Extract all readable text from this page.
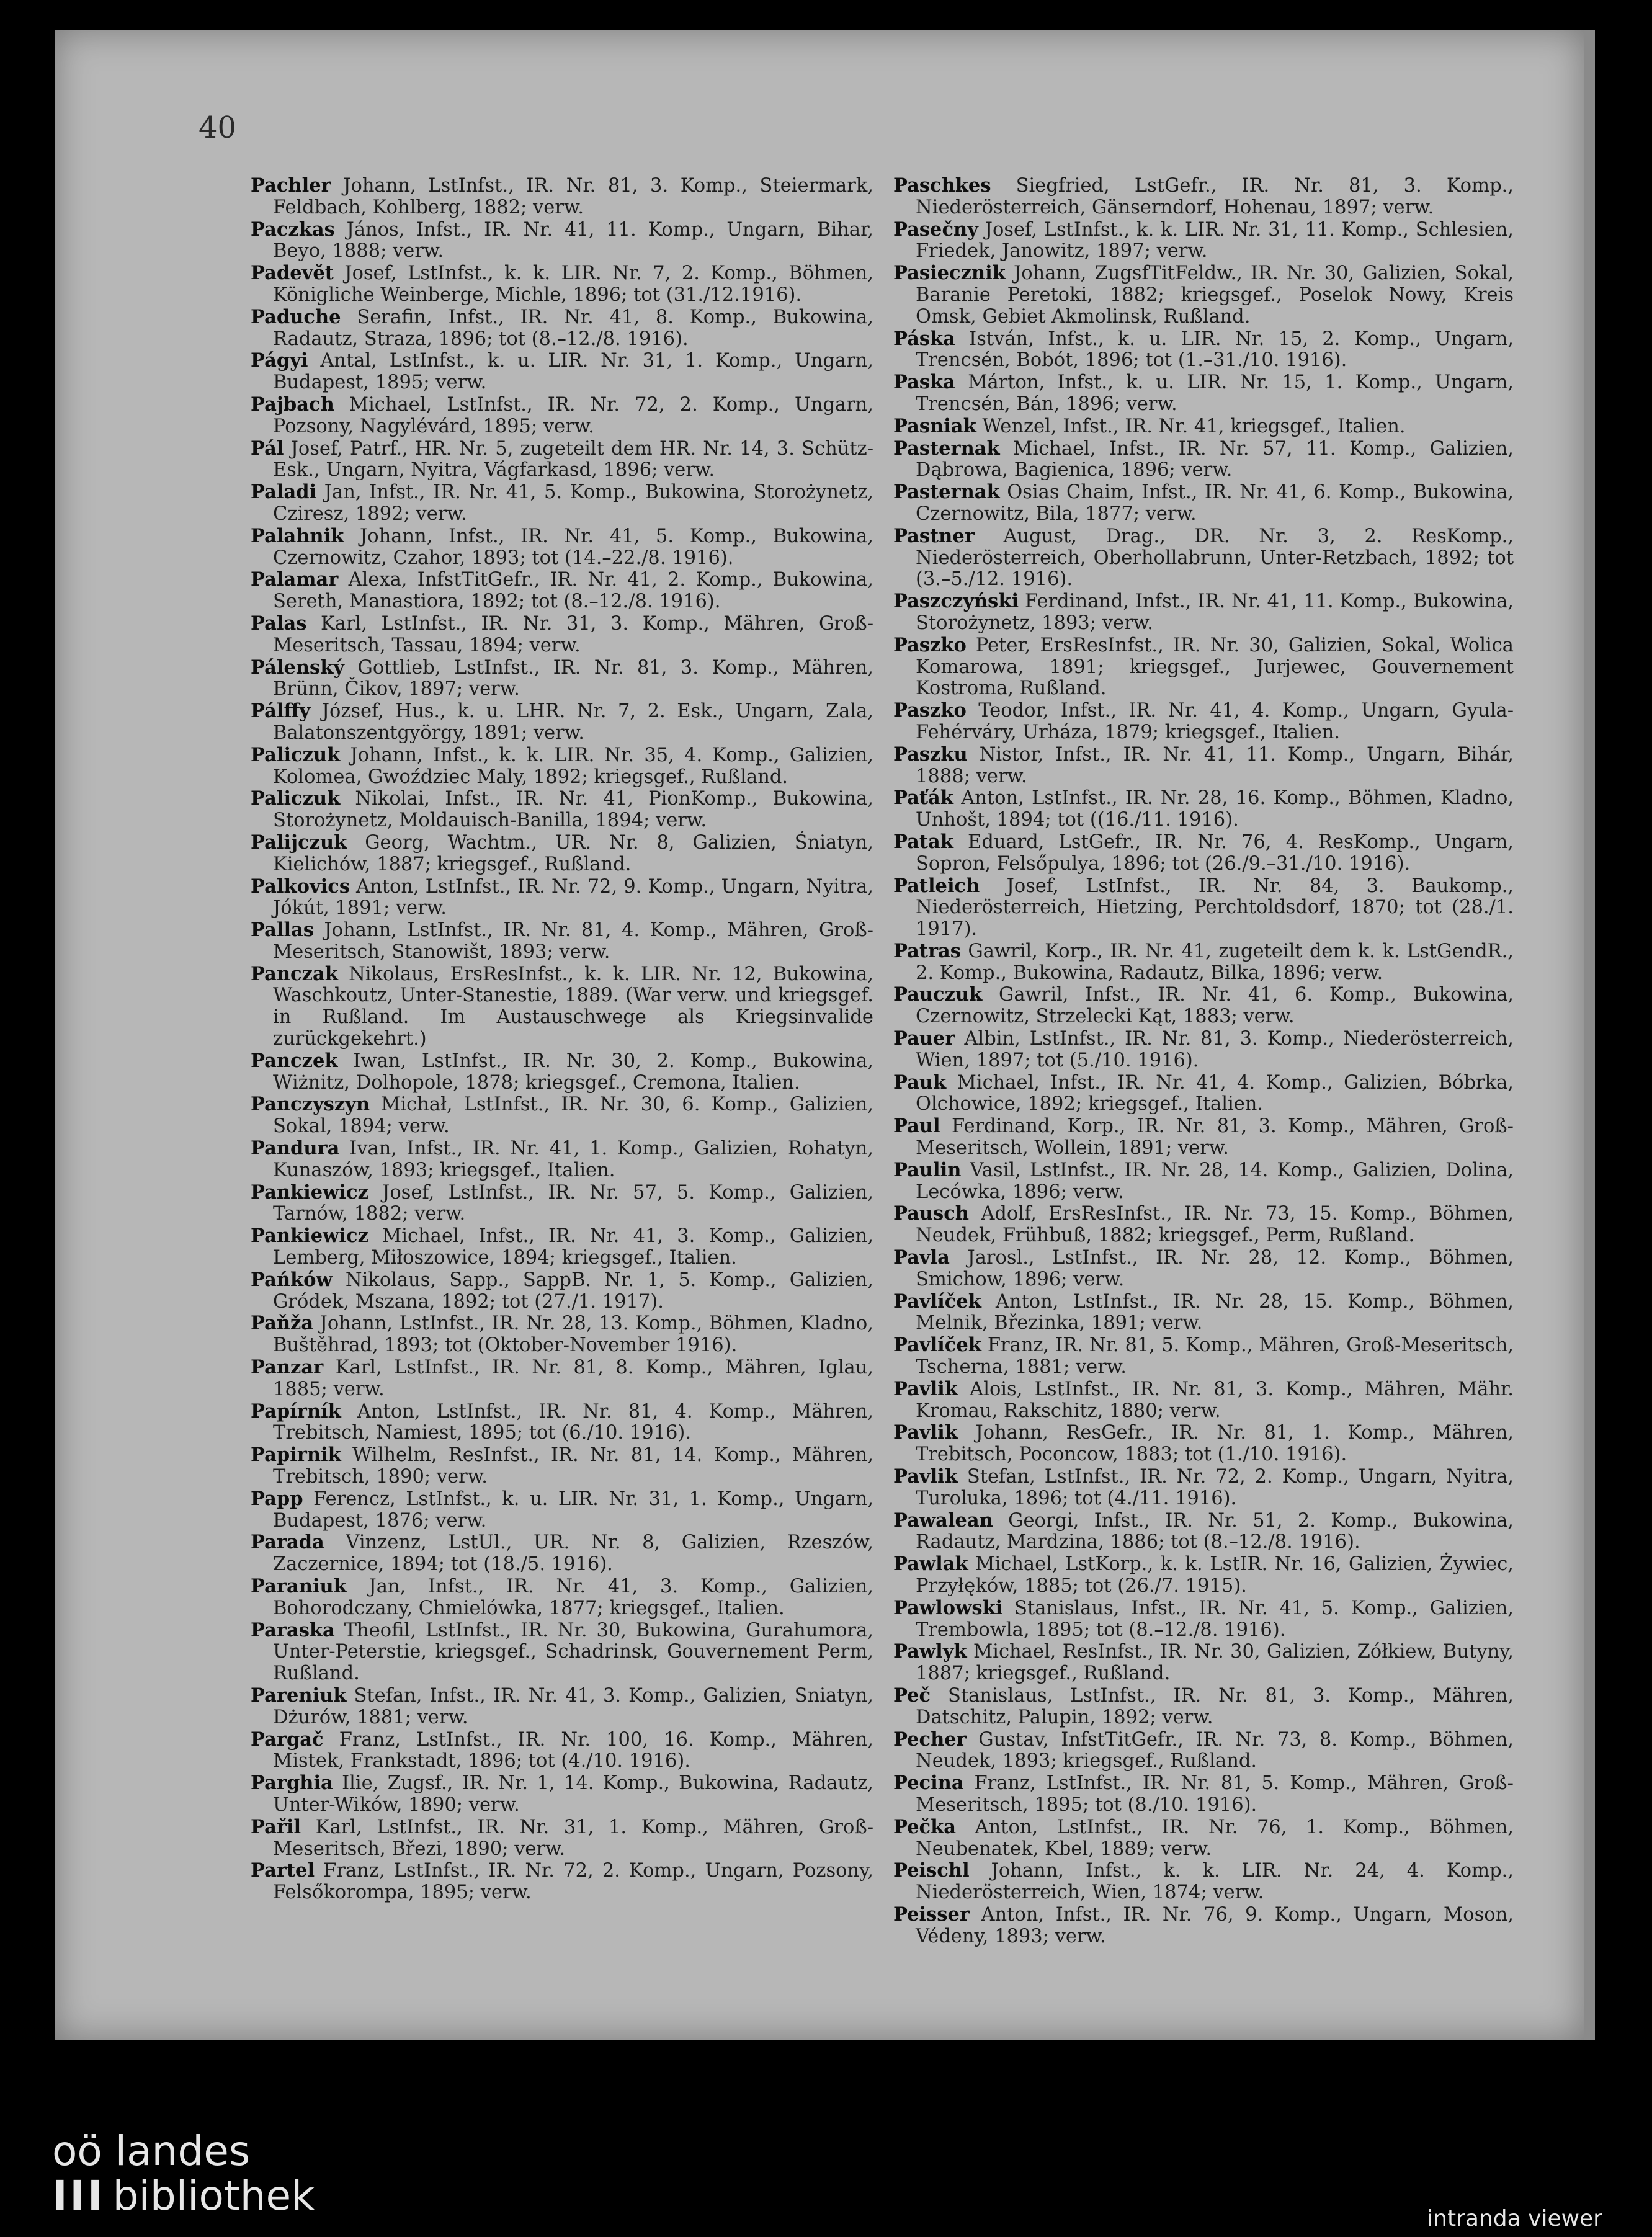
40

Pachler Johann, LstInfst., IR. Nr. 81, 3. Komp., Steiermark, Feldbach, Kohlberg, 1882; verw.

Paczkas János, Infst., IR. Nr. 41, 11. Komp., Ungarn, Bihar, Beyo, 1888; verw.

Padevět Josef, LstInfst., k. k. LIR. Nr. 7, 2. Komp., Böhmen, Königliche Weinberge, Michle, 1896; tot (31./12.1916).

Paduche Serafin, Infst., IR. Nr. 41, 8. Komp., Bukowina, Radautz, Straza, 1896; tot (8.–12./8. 1916).

Págyi Antal, LstInfst., k. u. LIR. Nr. 31, 1. Komp., Ungarn, Budapest, 1895; verw.

Pajbach Michael, LstInfst., IR. Nr. 72, 2. Komp., Ungarn, Pozsony, Nagylévárd, 1895; verw.

Pál Josef, Patrf., HR. Nr. 5, zugeteilt dem HR. Nr. 14, 3. Schütz-Esk., Ungarn, Nyitra, Vágfarkasd, 1896; verw.

Paladi Jan, Infst., IR. Nr. 41, 5. Komp., Bukowina, Storożynetz, Cziresz, 1892; verw.

Palahnik Johann, Infst., IR. Nr. 41, 5. Komp., Bukowina, Czernowitz, Czahor, 1893; tot (14.–22./8. 1916).

Palamar Alexa, InfstTitGefr., IR. Nr. 41, 2. Komp., Bukowina, Sereth, Manastiora, 1892; tot (8.–12./8. 1916).

Palas Karl, LstInfst., IR. Nr. 31, 3. Komp., Mähren, Groß-Meseritsch, Tassau, 1894; verw.

Pálenský Gottlieb, LstInfst., IR. Nr. 81, 3. Komp., Mähren, Brünn, Čikov, 1897; verw.

Pálffy József, Hus., k. u. LHR. Nr. 7, 2. Esk., Ungarn, Zala, Balatonszentgyörgy, 1891; verw.

Paliczuk Johann, Infst., k. k. LIR. Nr. 35, 4. Komp., Galizien, Kolomea, Gwoździec Maly, 1892; kriegsgef., Rußland.

Paliczuk Nikolai, Infst., IR. Nr. 41, PionKomp., Bukowina, Storożynetz, Moldauisch-Banilla, 1894; verw.

Palijczuk Georg, Wachtm., UR. Nr. 8, Galizien, Śniatyn, Kielichów, 1887; kriegsgef., Rußland.

Palkovics Anton, LstInfst., IR. Nr. 72, 9. Komp., Ungarn, Nyitra, Jókút, 1891; verw.

Pallas Johann, LstInfst., IR. Nr. 81, 4. Komp., Mähren, Groß-Meseritsch, Stanowišt, 1893; verw.

Panczak Nikolaus, ErsResInfst., k. k. LIR. Nr. 12, Bukowina, Waschkoutz, Unter-Stanestie, 1889. (War verw. und kriegsgef. in Rußland. Im Austauschwege als Kriegsinvalide zurückgekehrt.)

Panczek Iwan, LstInfst., IR. Nr. 30, 2. Komp., Bukowina, Wiżnitz, Dolhopole, 1878; kriegsgef., Cremona, Italien.

Panczyszyn Michał, LstInfst., IR. Nr. 30, 6. Komp., Galizien, Sokal, 1894; verw.

Pandura Ivan, Infst., IR. Nr. 41, 1. Komp., Galizien, Rohatyn, Kunaszów, 1893; kriegsgef., Italien.

Pankiewicz Josef, LstInfst., IR. Nr. 57, 5. Komp., Galizien, Tarnów, 1882; verw.

Pankiewicz Michael, Infst., IR. Nr. 41, 3. Komp., Galizien, Lemberg, Miłoszowice, 1894; kriegsgef., Italien.

Pańków Nikolaus, Sapp., SappB. Nr. 1, 5. Komp., Galizien, Gródek, Mszana, 1892; tot (27./1. 1917).

Paňža Johann, LstInfst., IR. Nr. 28, 13. Komp., Böhmen, Kladno, Buštěhrad, 1893; tot (Oktober-November 1916).

Panzar Karl, LstInfst., IR. Nr. 81, 8. Komp., Mähren, Iglau, 1885; verw.

Papírník Anton, LstInfst., IR. Nr. 81, 4. Komp., Mähren, Trebitsch, Namiest, 1895; tot (6./10. 1916).

Papirnik Wilhelm, ResInfst., IR. Nr. 81, 14. Komp., Mähren, Trebitsch, 1890; verw.

Papp Ferencz, LstInfst., k. u. LIR. Nr. 31, 1. Komp., Ungarn, Budapest, 1876; verw.

Parada Vinzenz, LstUl., UR. Nr. 8, Galizien, Rzeszów, Zaczernice, 1894; tot (18./5. 1916).

Paraniuk Jan, Infst., IR. Nr. 41, 3. Komp., Galizien, Bohorodczany, Chmielówka, 1877; kriegsgef., Italien.

Paraska Theofil, LstInfst., IR. Nr. 30, Bukowina, Gurahumora, Unter-Peterstie, kriegsgef., Schadrinsk, Gouvernement Perm, Rußland.

Pareniuk Stefan, Infst., IR. Nr. 41, 3. Komp., Galizien, Sniatyn, Dżurów, 1881; verw.

Pargač Franz, LstInfst., IR. Nr. 100, 16. Komp., Mähren, Mistek, Frankstadt, 1896; tot (4./10. 1916).

Parghia Ilie, Zugsf., IR. Nr. 1, 14. Komp., Bukowina, Radautz, Unter-Wików, 1890; verw.

Pařil Karl, LstInfst., IR. Nr. 31, 1. Komp., Mähren, Groß-Meseritsch, Březi, 1890; verw.

Partel Franz, LstInfst., IR. Nr. 72, 2. Komp., Ungarn, Pozsony, Felsőkorompa, 1895; verw.

Paschkes Siegfried, LstGefr., IR. Nr. 81, 3. Komp., Niederösterreich, Gänserndorf, Hohenau, 1897; verw.

Pasečny Josef, LstInfst., k. k. LIR. Nr. 31, 11. Komp., Schlesien, Friedek, Janowitz, 1897; verw.

Pasiecznik Johann, ZugsfTitFeldw., IR. Nr. 30, Galizien, Sokal, Baranie Peretoki, 1882; kriegsgef., Poselok Nowy, Kreis Omsk, Gebiet Akmolinsk, Rußland.

Páska István, Infst., k. u. LIR. Nr. 15, 2. Komp., Ungarn, Trencsén, Bobót, 1896; tot (1.–31./10. 1916).

Paska Márton, Infst., k. u. LIR. Nr. 15, 1. Komp., Ungarn, Trencsén, Bán, 1896; verw.

Pasniak Wenzel, Infst., IR. Nr. 41, kriegsgef., Italien.

Pasternak Michael, Infst., IR. Nr. 57, 11. Komp., Galizien, Dąbrowa, Bagienica, 1896; verw.

Pasternak Osias Chaim, Infst., IR. Nr. 41, 6. Komp., Bukowina, Czernowitz, Bila, 1877; verw.

Pastner August, Drag., DR. Nr. 3, 2. ResKomp., Niederösterreich, Oberhollabrunn, Unter-Retzbach, 1892; tot (3.–5./12. 1916).

Paszczyński Ferdinand, Infst., IR. Nr. 41, 11. Komp., Bukowina, Storożynetz, 1893; verw.

Paszko Peter, ErsResInfst., IR. Nr. 30, Galizien, Sokal, Wolica Komarowa, 1891; kriegsgef., Jurjewec, Gouvernement Kostroma, Rußland.

Paszko Teodor, Infst., IR. Nr. 41, 4. Komp., Ungarn, Gyula-Fehérváry, Urháza, 1879; kriegsgef., Italien.

Paszku Nistor, Infst., IR. Nr. 41, 11. Komp., Ungarn, Bihár, 1888; verw.

Paťák Anton, LstInfst., IR. Nr. 28, 16. Komp., Böhmen, Kladno, Unhošt, 1894; tot ((16./11. 1916).

Patak Eduard, LstGefr., IR. Nr. 76, 4. ResKomp., Ungarn, Sopron, Felsőpulya, 1896; tot (26./9.–31./10. 1916).

Patleich Josef, LstInfst., IR. Nr. 84, 3. Baukomp., Niederösterreich, Hietzing, Perchtoldsdorf, 1870; tot (28./1. 1917).

Patras Gawril, Korp., IR. Nr. 41, zugeteilt dem k. k. LstGendR., 2. Komp., Bukowina, Radautz, Bilka, 1896; verw.

Pauczuk Gawril, Infst., IR. Nr. 41, 6. Komp., Bukowina, Czernowitz, Strzelecki Kąt, 1883; verw.

Pauer Albin, LstInfst., IR. Nr. 81, 3. Komp., Niederösterreich, Wien, 1897; tot (5./10. 1916).

Pauk Michael, Infst., IR. Nr. 41, 4. Komp., Galizien, Bóbrka, Olchowice, 1892; kriegsgef., Italien.

Paul Ferdinand, Korp., IR. Nr. 81, 3. Komp., Mähren, Groß-Meseritsch, Wollein, 1891; verw.

Paulin Vasil, LstInfst., IR. Nr. 28, 14. Komp., Galizien, Dolina, Lecówka, 1896; verw.

Pausch Adolf, ErsResInfst., IR. Nr. 73, 15. Komp., Böhmen, Neudek, Frühbuß, 1882; kriegsgef., Perm, Rußland.

Pavla Jarosl., LstInfst., IR. Nr. 28, 12. Komp., Böhmen, Smichow, 1896; verw.

Pavlíček Anton, LstInfst., IR. Nr. 28, 15. Komp., Böhmen, Melnik, Březinka, 1891; verw.

Pavlíček Franz, IR. Nr. 81, 5. Komp., Mähren, Groß-Meseritsch, Tscherna, 1881; verw.

Pavlik Alois, LstInfst., IR. Nr. 81, 3. Komp., Mähren, Mähr. Kromau, Rakschitz, 1880; verw.

Pavlik Johann, ResGefr., IR. Nr. 81, 1. Komp., Mähren, Trebitsch, Poconcow, 1883; tot (1./10. 1916).

Pavlik Stefan, LstInfst., IR. Nr. 72, 2. Komp., Ungarn, Nyitra, Turoluka, 1896; tot (4./11. 1916).

Pawalean Georgi, Infst., IR. Nr. 51, 2. Komp., Bukowina, Radautz, Mardzina, 1886; tot (8.–12./8. 1916).

Pawlak Michael, LstKorp., k. k. LstIR. Nr. 16, Galizien, Żywiec, Przyłęków, 1885; tot (26./7. 1915).

Pawlowski Stanislaus, Infst., IR. Nr. 41, 5. Komp., Galizien, Trembowla, 1895; tot (8.–12./8. 1916).

Pawlyk Michael, ResInfst., IR. Nr. 30, Galizien, Zółkiew, Butyny, 1887; kriegsgef., Rußland.

Peč Stanislaus, LstInfst., IR. Nr. 81, 3. Komp., Mähren, Datschitz, Palupin, 1892; verw.

Pecher Gustav, InfstTitGefr., IR. Nr. 73, 8. Komp., Böhmen, Neudek, 1893; kriegsgef., Rußland.

Pecina Franz, LstInfst., IR. Nr. 81, 5. Komp., Mähren, Groß-Meseritsch, 1895; tot (8./10. 1916).

Pečka Anton, LstInfst., IR. Nr. 76, 1. Komp., Böhmen, Neubenatek, Kbel, 1889; verw.

Peischl Johann, Infst., k. k. LIR. Nr. 24, 4. Komp., Niederösterreich, Wien, 1874; verw.

Peisser Anton, Infst., IR. Nr. 76, 9. Komp., Ungarn, Moson, Védeny, 1893; verw.

oö landes
III bibliothek	intranda viewer
